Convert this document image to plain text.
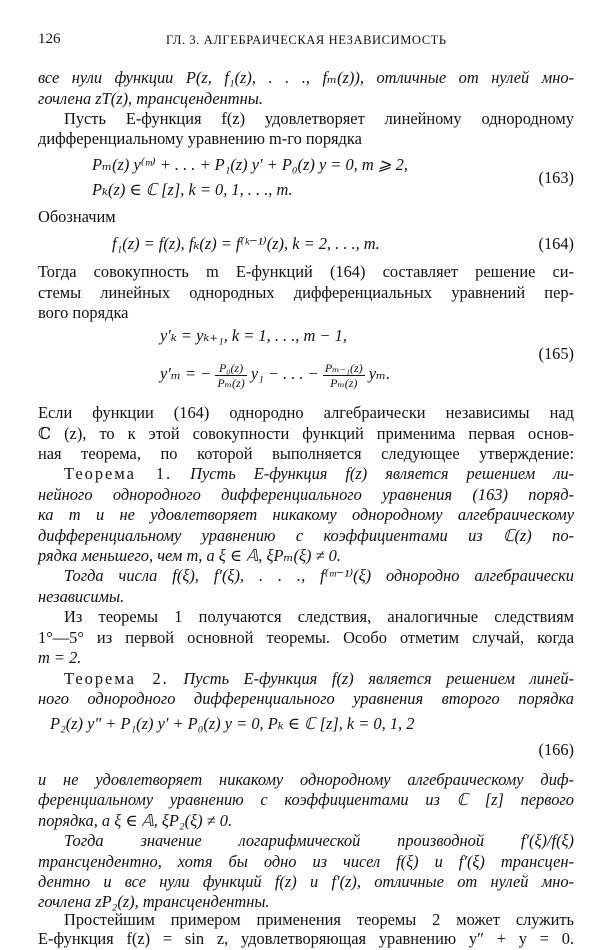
126	ГЛ. 3. АЛГЕБРАИЧЕСКАЯ НЕЗАВИСИМОСТЬ
все нули функции P(z, f₁(z), . . ., fₘ(z)), отличные от нулей мно-
гочлена zT(z), трансцендентны.
Пусть E-функция f(z) удовлетворяет линейному однородному
дифференциальному уравнению m-го порядка
Pₘ(z) y⁽ᵐ⁾ + . . . + P₁(z) y′ + P₀(z) y = 0, m ⩾ 2,
Pₖ(z) ∈ ℂ [z], k = 0, 1, . . ., m.
(163)
Обозначим
f₁(z) = f(z), fₖ(z) = f⁽ᵏ⁻¹⁾(z), k = 2, . . ., m.	(164)
Тогда совокупность m E-функций (164) составляет решение си-
стемы линейных однородных дифференциальных уравнений пер-
вого порядка
y′ₖ = yₖ₊₁, k = 1, . . ., m − 1,
y′ₘ = − $\frac{\text{P₀(z)}}{\text{Pₘ(z)}} y_1$ − . . . − $\frac{\text{Pₘ₋₁(z)}}{\text{Pₘ(z)}} y_m$.
(165)
Если функции (164) однородно алгебраически независимы над
ℂ (z), то к этой совокупности функций применима первая основ-
ная теорема, по которой выполняется следующее утверждение:
Теорема 1. Пусть E-функция f(z) является решением ли-
нейного однородного дифференциального уравнения (163) поряд-
ка m и не удовлетворяет никакому однородному алгебраическому
дифференциальному уравнению с коэффициентами из ℂ(z) по-
рядка меньшего, чем m, а ξ ∈ 𝔸, ξPₘ(ξ) ≠ 0.
Тогда числа f(ξ), f′(ξ), . . ., f⁽ᵐ⁻¹⁾(ξ) однородно алгебраически
независимы.
Из теоремы 1 получаются следствия, аналогичные следствиям
1°—5° из первой основной теоремы. Особо отметим случай, когда
m = 2.
Теорема 2. Пусть E-функция f(z) является решением линей-
ного однородного дифференциального уравнения второго порядка
P₂(z) y″ + P₁(z) y′ + P₀(z) y = 0, Pₖ ∈ ℂ [z], k = 0, 1, 2
(166)
и не удовлетворяет никакому однородному алгебраическому диф-
ференциальному уравнению с коэффициентами из ℂ [z] первого
порядка, а ξ ∈ 𝔸, ξP₂(ξ) ≠ 0.
Тогда значение логарифмической производной f′(ξ)/f(ξ)
трансцендентно, хотя бы одно из чисел f(ξ) и f′(ξ) трансцен-
дентно и все нули функций f(z) и f′(z), отличные от нулей мно-
гочлена zP₂(z), трансцендентны.
Простейшим примером применения теоремы 2 может служить
E-функция f(z) = sin z, удовлетворяющая уравнению y″ + y = 0.
